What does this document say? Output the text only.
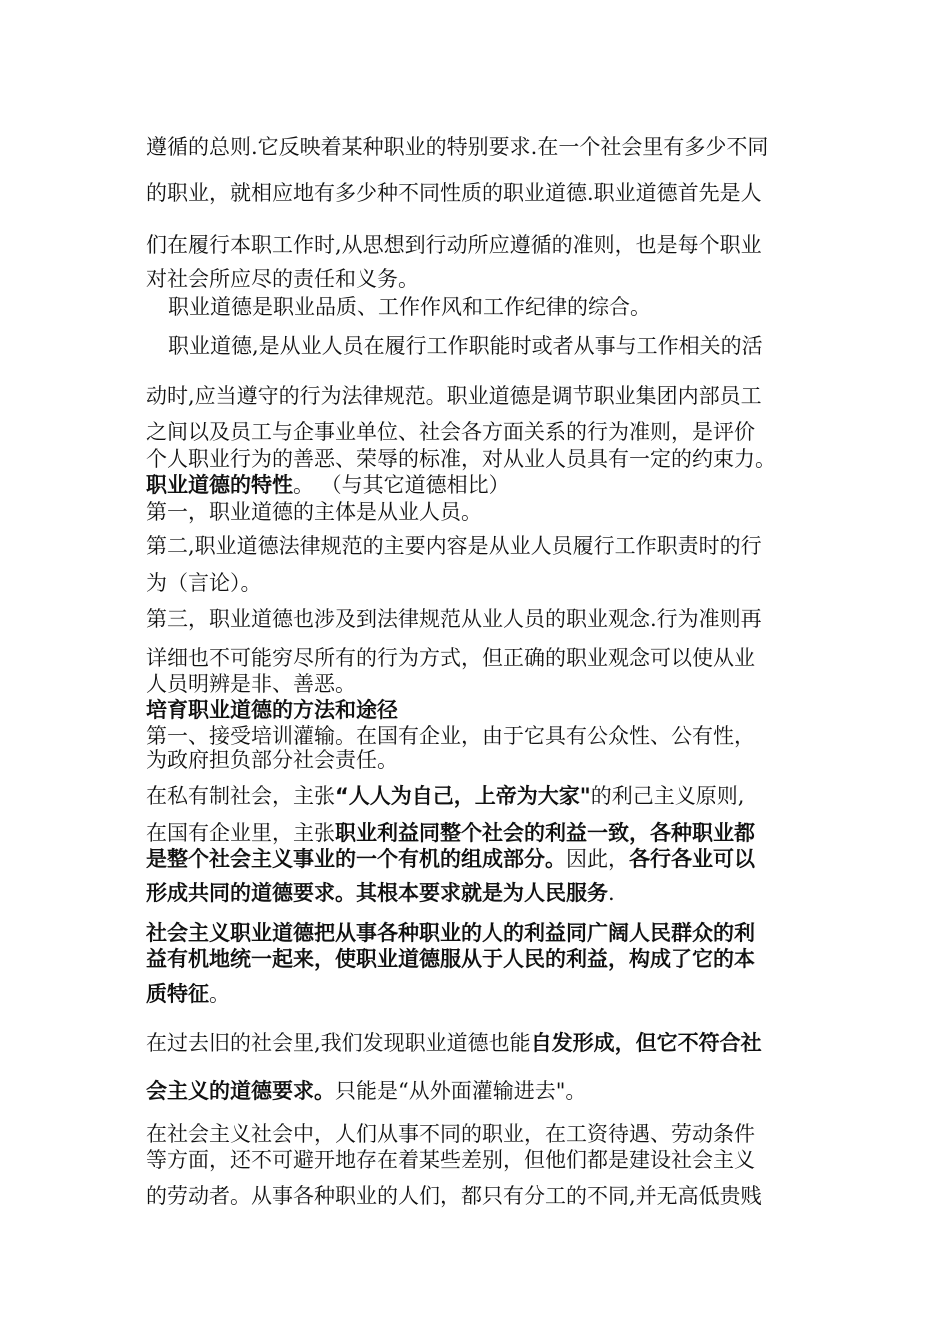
遵循的总则.它反映着某种职业的特别要求.在一个社会里有多少不同
的职业，就相应地有多少种不同性质的职业道德.职业道德首先是人
们在履行本职工作时,从思想到行动所应遵循的准则，也是每个职业
对社会所应尽的责任和义务。
职业道德是职业品质、工作作风和工作纪律的综合。
职业道德,是从业人员在履行工作职能时或者从事与工作相关的活
动时,应当遵守的行为法律规范。职业道德是调节职业集团内部员工
之间以及员工与企事业单位、社会各方面关系的行为准则，是评价
个人职业行为的善恶、荣辱的标准，对从业人员具有一定的约束力。
职业道德的特性。 （与其它道德相比）
第一，职业道德的主体是从业人员。
第二,职业道德法律规范的主要内容是从业人员履行工作职责时的行
为（言论）。
第三，职业道德也涉及到法律规范从业人员的职业观念.行为准则再
详细也不可能穷尽所有的行为方式，但正确的职业观念可以使从业
人员明辨是非、善恶。
培育职业道德的方法和途径
第一、接受培训灌输。在国有企业，由于它具有公众性、公有性，
为政府担负部分社会责任。
在私有制社会，主张“人人为自己，上帝为大家"的利己主义原则,
在国有企业里，主张职业利益同整个社会的利益一致，各种职业都
是整个社会主义事业的一个有机的组成部分。因此，各行各业可以
形成共同的道德要求。其根本要求就是为人民服务.
社会主义职业道德把从事各种职业的人的利益同广阔人民群众的利
益有机地统一起来，使职业道德服从于人民的利益，构成了它的本
质特征。
在过去旧的社会里,我们发现职业道德也能自发形成，但它不符合社
会主义的道德要求。只能是“从外面灌输进去"。
在社会主义社会中，人们从事不同的职业，在工资待遇、劳动条件
等方面，还不可避开地存在着某些差别，但他们都是建设社会主义
的劳动者。从事各种职业的人们，都只有分工的不同,并无高低贵贱
